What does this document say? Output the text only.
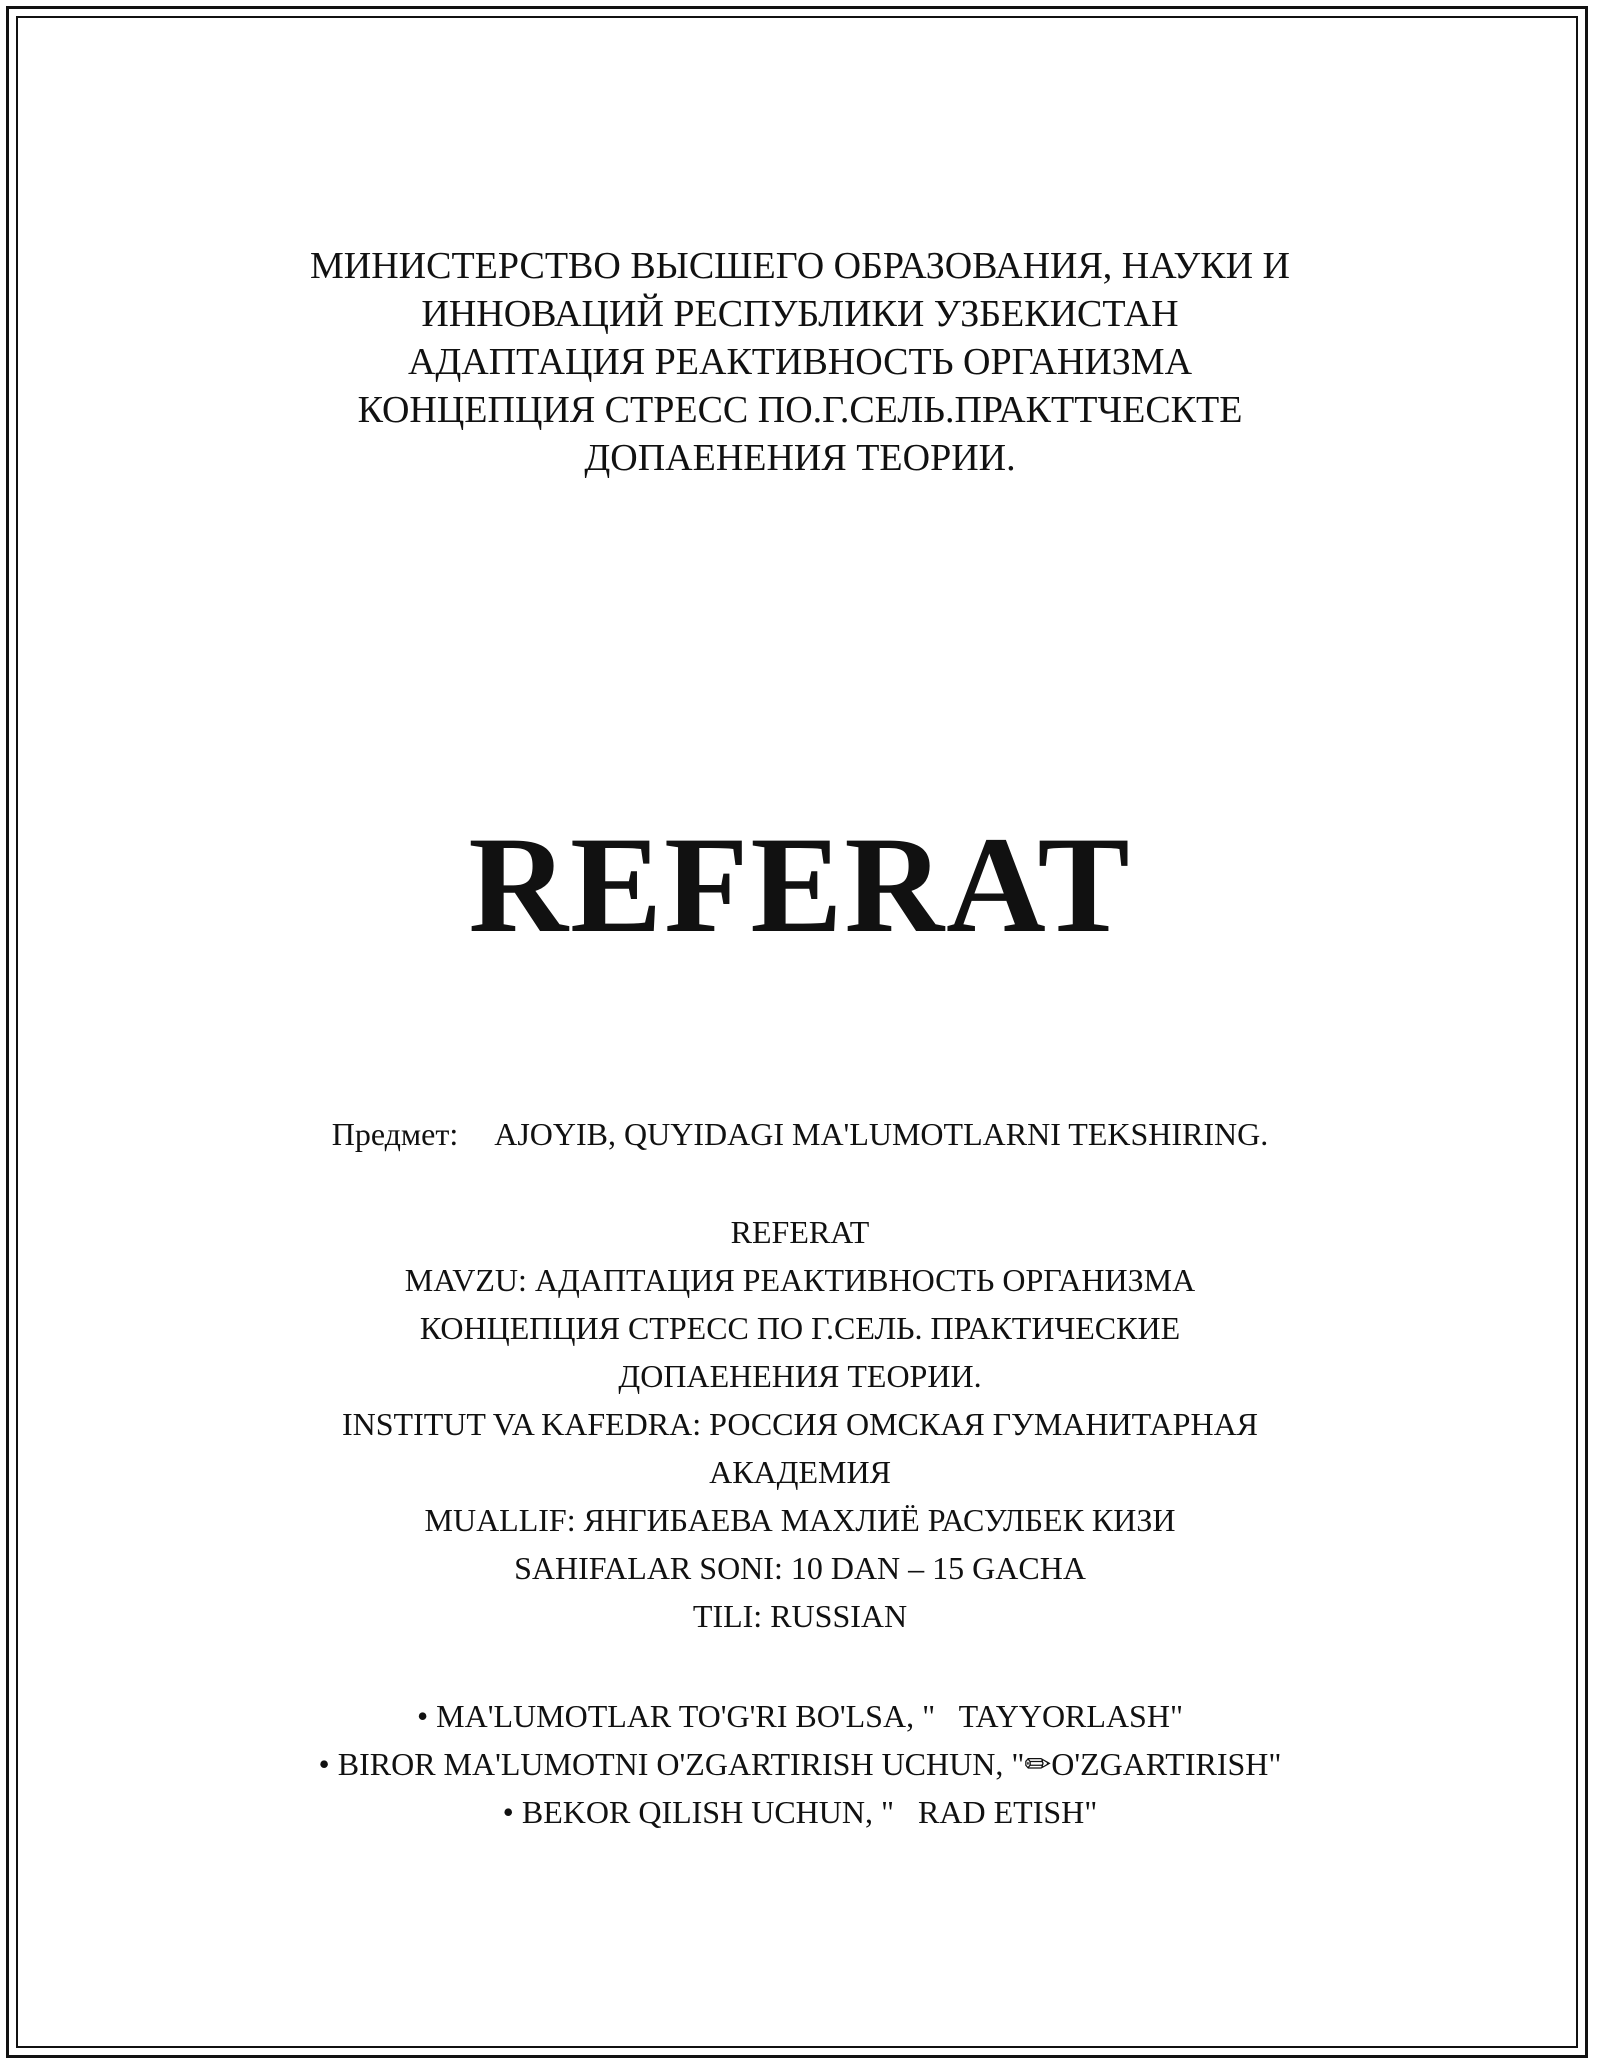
МИНИСТЕРСТВО ВЫСШЕГО ОБРАЗОВАНИЯ, НАУКИ И
ИННОВАЦИЙ РЕСПУБЛИКИ УЗБЕКИСТАН
АДАПТАЦИЯ РЕАКТИВНОСТЬ ОРГАНИЗМА
КОНЦЕПЦИЯ СТРЕСС ПО.Г.СЕЛЬ.ПРАКТТЧЕСКТЕ
ДОПАЕНЕНИЯ ТЕОРИИ.
REFERAT
Предмет: AJOYIB, QUYIDAGI MA'LUMOTLARNI TEKSHIRING.
REFERAT
MAVZU: АДАПТАЦИЯ РЕАКТИВНОСТЬ ОРГАНИЗМА
КОНЦЕПЦИЯ СТРЕСС ПО Г.СЕЛЬ. ПРАКТИЧЕСКИЕ
ДОПАЕНЕНИЯ ТЕОРИИ.
INSTITUT VA KAFEDRA: РОССИЯ ОМСКАЯ ГУМАНИТАРНАЯ
АКАДЕМИЯ
MUALLIF: ЯНГИБАЕВА МАХЛИЁ РАСУЛБЕК КИЗИ
SAHIFALAR SONI: 10 DAN – 15 GACHA
TILI: RUSSIAN
• MA'LUMOTLAR TO'G'RI BO'LSA, "   TAYYORLASH"
• BIROR MA'LUMOTNI O'ZGARTIRISH UCHUN, "✏O'ZGARTIRISH"
• BEKOR QILISH UCHUN, "   RAD ETISH"
